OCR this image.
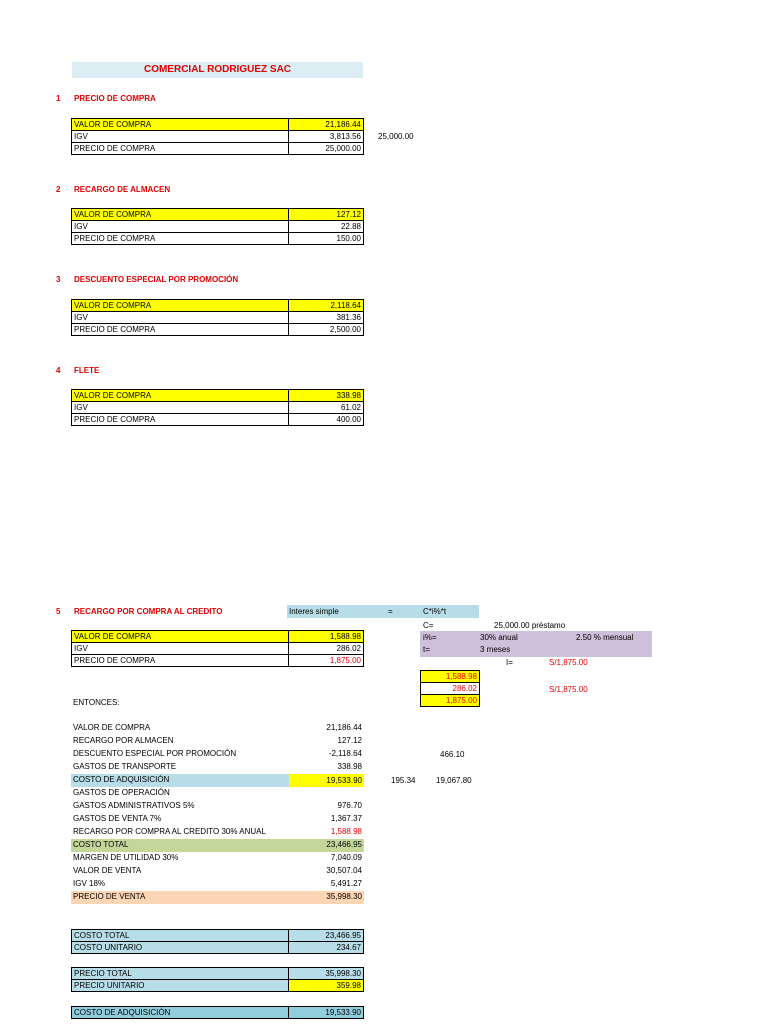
COMERCIAL RODRIGUEZ SAC
1 PRECIO DE COMPRA
VALOR DE COMPRA	21,186.44
IGV	3,813.56
PRECIO DE COMPRA	25,000.00
25,000.00
2 RECARGO DE ALMACEN
VALOR DE COMPRA	127.12
IGV	22.88
PRECIO DE COMPRA	150.00
3 DESCUENTO ESPECIAL POR PROMOCIÓN
VALOR DE COMPRA	2,118.64
IGV	381.36
PRECIO DE COMPRA	2,500.00
4 FLETE
VALOR DE COMPRA	338.98
IGV	61.02
PRECIO DE COMPRA	400.00
5 RECARGO POR COMPRA AL CREDITO	Interes simple	=	C*i%*t
C=	25,000.00 préstamo
i%=	30% anual	2.50 % mensual
t=	3 meses
I=	S/1,875.00
S/1,875.00
1,588.98
286.02
1,875.00
VALOR DE COMPRA	1,588.98
IGV	286.02
PRECIO DE COMPRA	1,875.00
ENTONCES:
VALOR DE COMPRA	21,186.44
RECARGO POR ALMACEN	127.12
DESCUENTO ESPECIAL POR PROMOCIÓN	-2,118.64
GASTOS DE TRANSPORTE	338.98
COSTO DE ADQUISICIÓN	19,533.90
GASTOS DE OPERACIÓN
GASTOS ADMINISTRATIVOS 5%	976.70
GASTOS DE VENTA 7%	1,367.37
RECARGO POR COMPRA AL CREDITO 30% ANUAL	1,588.98
COSTO TOTAL	23,466.95
MARGEN DE UTILIDAD 30%	7,040.09
VALOR DE VENTA	30,507.04
IGV 18%	5,491.27
PRECIO DE VENTA	35,998.30
466.10
195.34	19,067.80
COSTO TOTAL	23,466.95
COSTO UNITARIO	234.67
PRECIO TOTAL	35,998.30
PRECIO UNITARIO	359.98
COSTO DE ADQUISICIÓN	19,533.90
